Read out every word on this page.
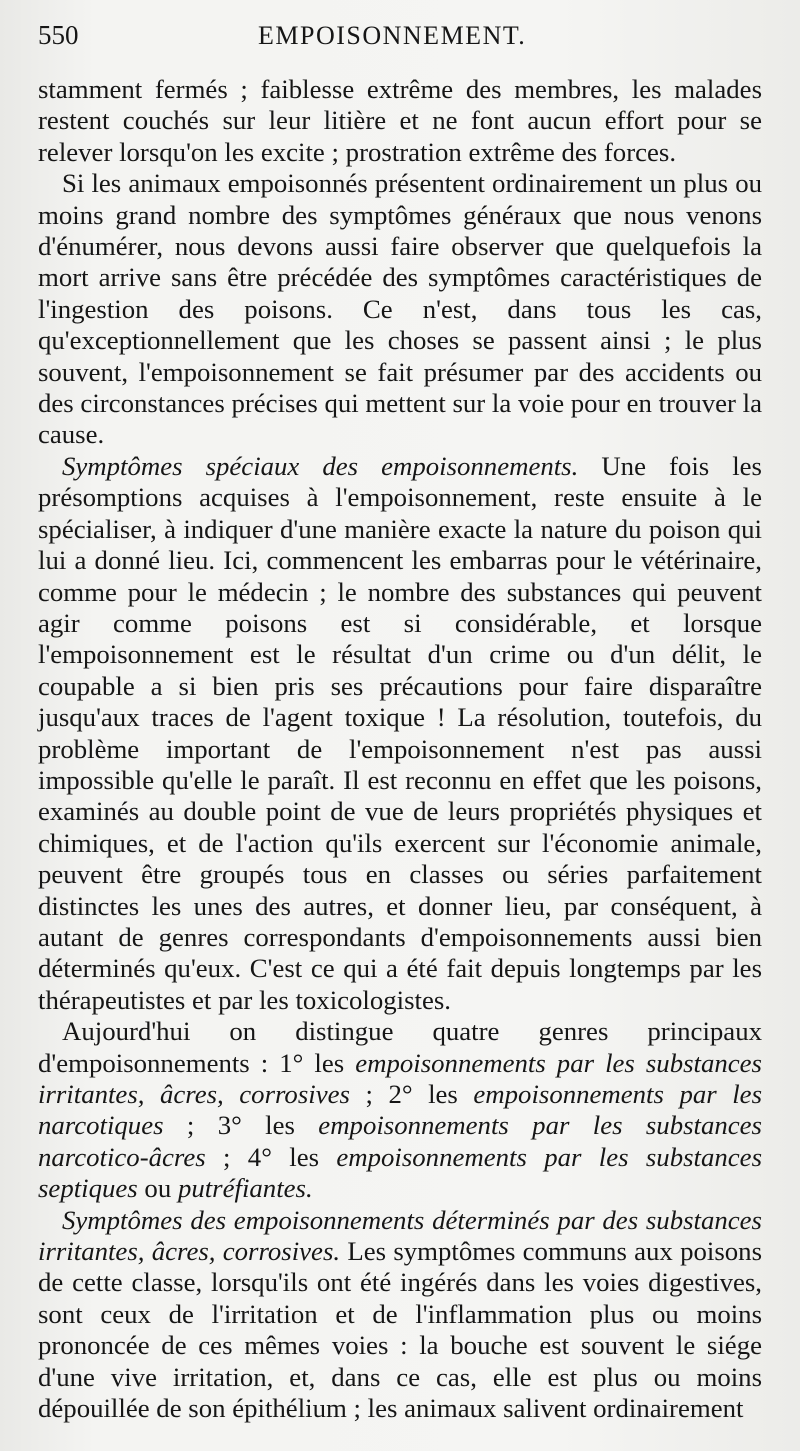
550	EMPOISONNEMENT.

stamment fermés ; faiblesse extrême des membres, les malades restent couchés sur leur litière et ne font aucun effort pour se relever lorsqu'on les excite ; prostration extrême des forces.

Si les animaux empoisonnés présentent ordinairement un plus ou moins grand nombre des symptômes généraux que nous venons d'énumérer, nous devons aussi faire observer que quelquefois la mort arrive sans être précédée des symptômes caractéristiques de l'ingestion des poisons. Ce n'est, dans tous les cas, qu'exceptionnellement que les choses se passent ainsi ; le plus souvent, l'empoisonnement se fait présumer par des accidents ou des circonstances précises qui mettent sur la voie pour en trouver la cause.

Symptômes spéciaux des empoisonnements. Une fois les présomptions acquises à l'empoisonnement, reste ensuite à le spécialiser, à indiquer d'une manière exacte la nature du poison qui lui a donné lieu. Ici, commencent les embarras pour le vétérinaire, comme pour le médecin ; le nombre des substances qui peuvent agir comme poisons est si considérable, et lorsque l'empoisonnement est le résultat d'un crime ou d'un délit, le coupable a si bien pris ses précautions pour faire disparaître jusqu'aux traces de l'agent toxique ! La résolution, toutefois, du problème important de l'empoisonnement n'est pas aussi impossible qu'elle le paraît. Il est reconnu en effet que les poisons, examinés au double point de vue de leurs propriétés physiques et chimiques, et de l'action qu'ils exercent sur l'économie animale, peuvent être groupés tous en classes ou séries parfaitement distinctes les unes des autres, et donner lieu, par conséquent, à autant de genres correspondants d'empoisonnements aussi bien déterminés qu'eux. C'est ce qui a été fait depuis longtemps par les thérapeutistes et par les toxicologistes.

Aujourd'hui on distingue quatre genres principaux d'empoisonnements : 1° les empoisonnements par les substances irritantes, âcres, corrosives ; 2° les empoisonnements par les narcotiques ; 3° les empoisonnements par les substances narcotico-âcres ; 4° les empoisonnements par les substances septiques ou putréfiantes.

Symptômes des empoisonnements déterminés par des substances irritantes, âcres, corrosives. Les symptômes communs aux poisons de cette classe, lorsqu'ils ont été ingérés dans les voies digestives, sont ceux de l'irritation et de l'inflammation plus ou moins prononcée de ces mêmes voies : la bouche est souvent le siége d'une vive irritation, et, dans ce cas, elle est plus ou moins dépouillée de son épithélium ; les animaux salivent ordinairement
